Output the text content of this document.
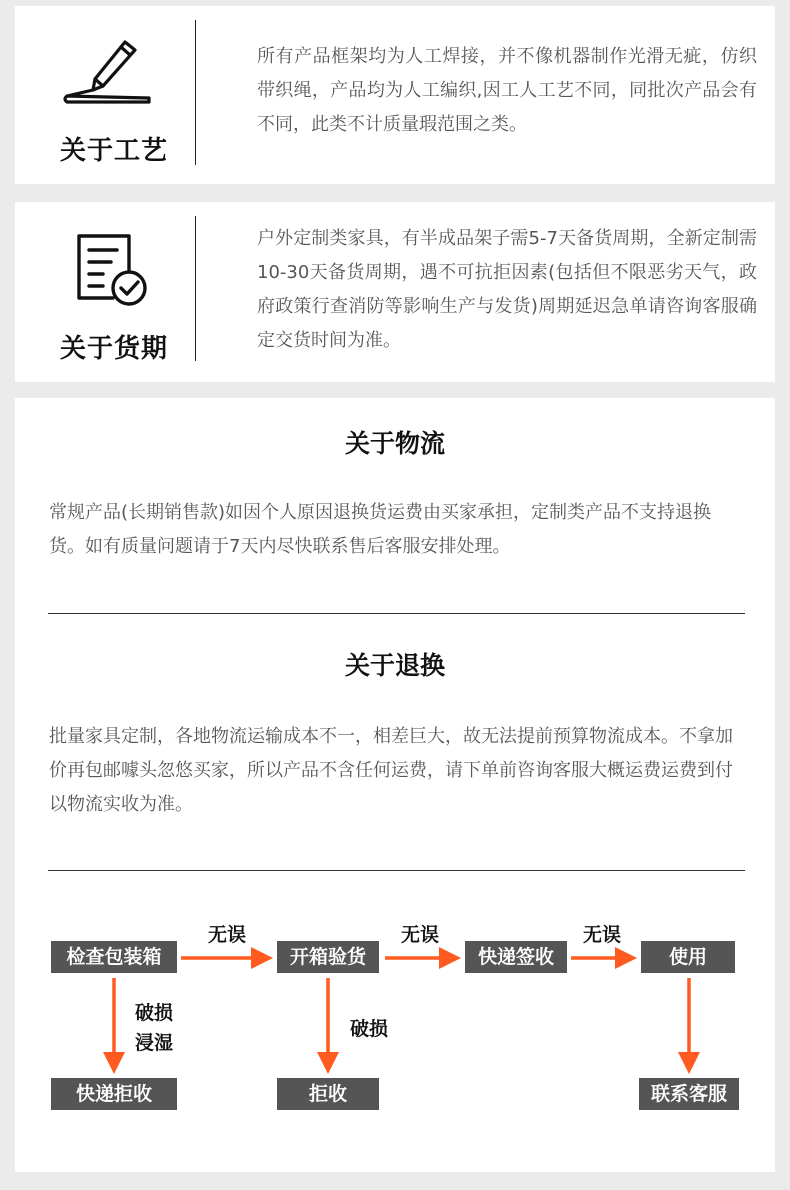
关于工艺

所有产品框架均为人工焊接，并不像机器制作光滑无疵，仿织带织绳，产品均为人工编织,因工人工艺不同，同批次产品会有不同，此类不计质量瑕范围之类。

关于货期

户外定制类家具，有半成品架子需5-7天备货周期，全新定制需10-30天备货周期，遇不可抗拒因素(包括但不限恶劣天气，政府政策行查消防等影响生产与发货)周期延迟急单请咨询客服确定交货时间为准。

关于物流

常规产品(长期销售款)如因个人原因退换货运费由买家承担，定制类产品不支持退换货。如有质量问题请于7天内尽快联系售后客服安排处理。

关于退换

批量家具定制，各地物流运输成本不一，相差巨大，故无法提前预算物流成本。不拿加价再包邮噱头忽悠买家，所以产品不含任何运费，请下单前咨询客服大概运费运费到付以物流实收为准。

检查包装箱	开箱验货	快递签收	使用
快递拒收	拒收	联系客服
无误	无误	无误
破损
浸湿
破损
